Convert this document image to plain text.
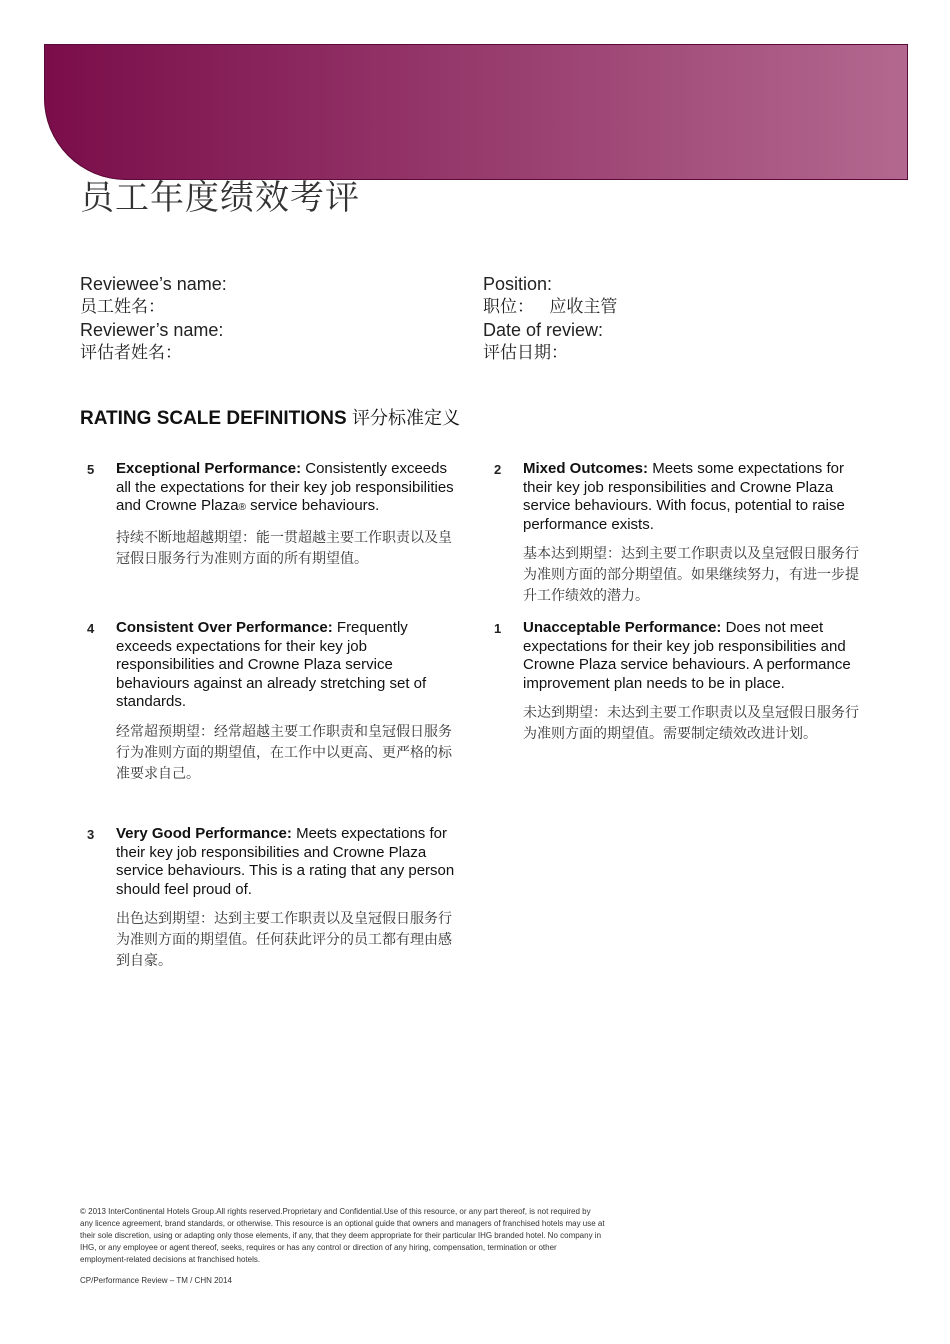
员工年度绩效考评
Reviewee’s name:
员工姓名：
Reviewer’s name:
评估者姓名：
Position:
职位： 应收主管
Date of review:
评估日期：
RATING SCALE DEFINITIONS 评分标准定义
5 Exceptional Performance: Consistently exceeds all the expectations for their key job responsibilities and Crowne Plaza® service behaviours.

持续不断地超越期望：能一贯超越主要工作职责以及皇冠假日服务行为准则方面的所有期望值。

2 Mixed Outcomes: Meets some expectations for their key job responsibilities and Crowne Plaza service behaviours. With focus, potential to raise performance exists.

基本达到期望：达到主要工作职责以及皇冠假日服务行为准则方面的部分期望值。如果继续努力，有进一步提升工作绩效的潜力。

4 Consistent Over Performance: Frequently exceeds expectations for their key job responsibilities and Crowne Plaza service behaviours against an already stretching set of standards.

经常超预期望：经常超越主要工作职责和皇冠假日服务行为准则方面的期望值，在工作中以更高、更严格的标准要求自己。

1 Unacceptable Performance: Does not meet expectations for their key job responsibilities and Crowne Plaza service behaviours. A performance improvement plan needs to be in place.

未达到期望：未达到主要工作职责以及皇冠假日服务行为准则方面的期望值。需要制定绩效改进计划。

3 Very Good Performance: Meets expectations for their key job responsibilities and Crowne Plaza service behaviours. This is a rating that any person should feel proud of.

出色达到期望：达到主要工作职责以及皇冠假日服务行为准则方面的期望值。任何获此评分的员工都有理由感到自豪。

© 2013 InterContinental Hotels Group.All rights reserved.Proprietary and Confidential.Use of this resource, or any part thereof, is not required by any licence agreement, brand standards, or otherwise. This resource is an optional guide that owners and managers of franchised hotels may use at their sole discretion, using or adapting only those elements, if any, that they deem appropriate for their particular IHG branded hotel. No company in IHG, or any employee or agent thereof, seeks, requires or has any control or direction of any hiring, compensation, termination or other employment-related decisions at franchised hotels.

CP/Performance Review – TM / CHN 2014
